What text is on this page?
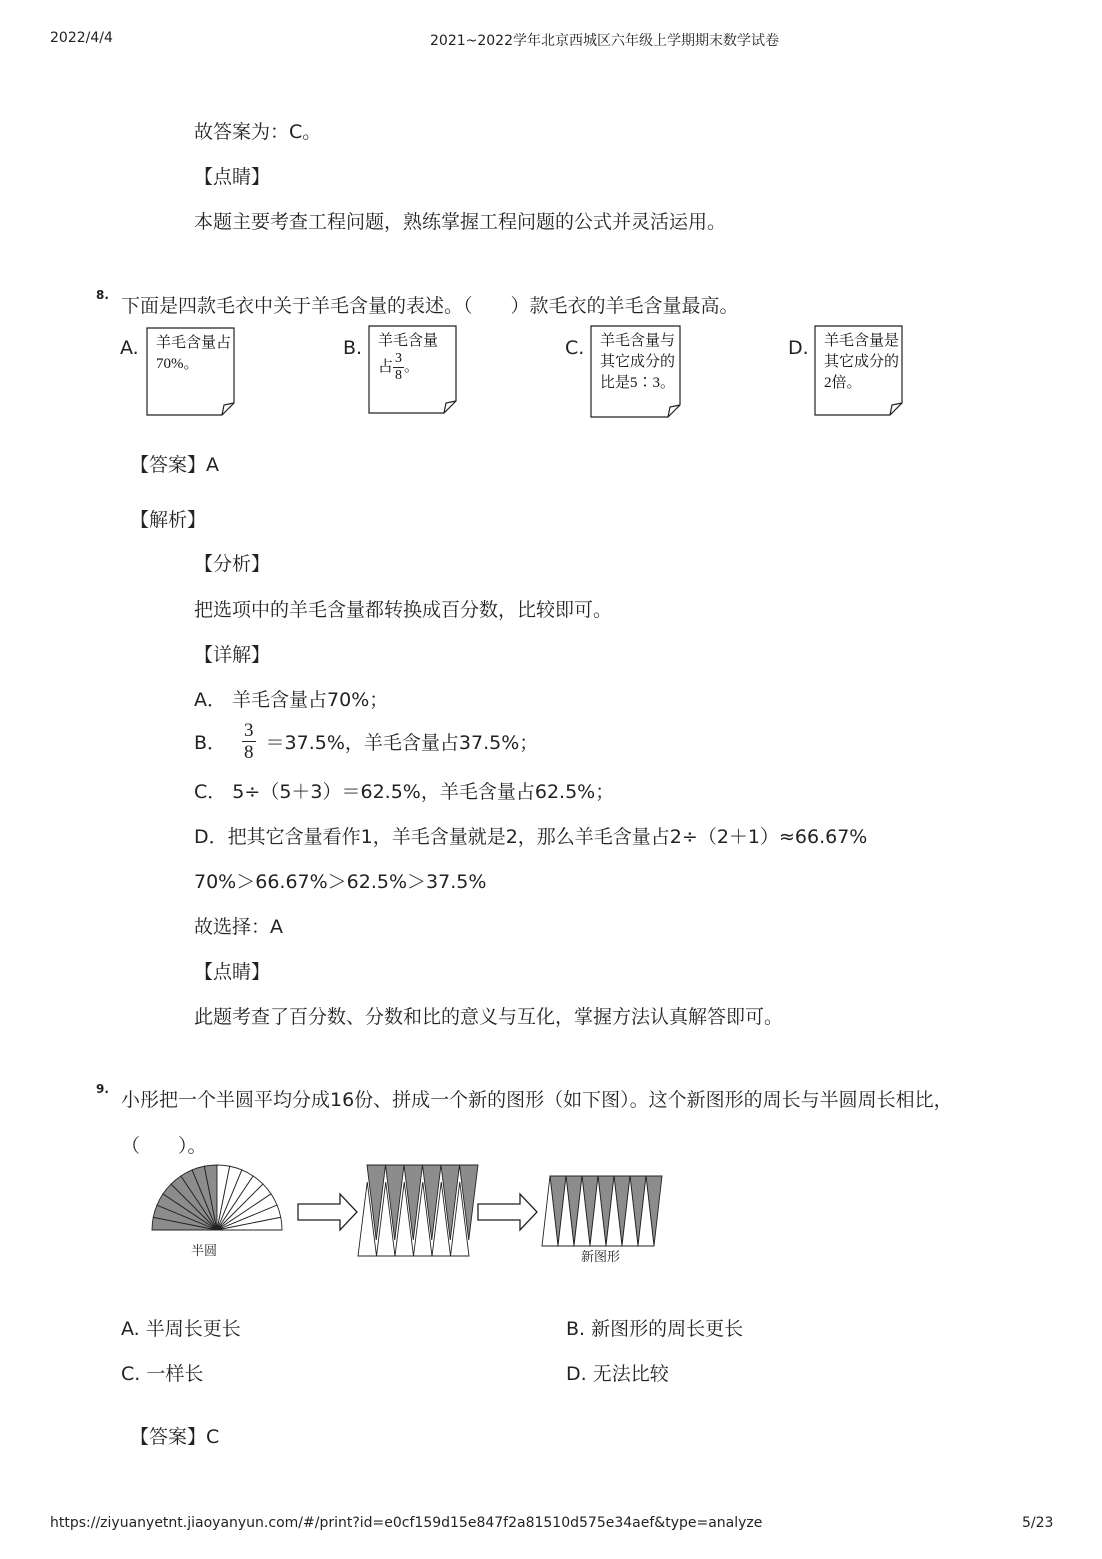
2022/4/4	2021~2022学年北京西城区六年级上学期期末数学试卷
故答案为：C。
【点睛】
本题主要考查工程问题，熟练掌握工程问题的公式并灵活运用。
8. 下面是四款毛衣中关于羊毛含量的表述。（　　）款毛衣的羊毛含量最高。
A. 羊毛含量占70%。
B. 羊毛含量
占 $\frac{3}{8}$ 。
C. 羊毛含量与其它成分的比是5∶3。
D. 羊毛含量是其它成分的2倍。
【答案】A
【解析】
【分析】
把选项中的羊毛含量都转换成百分数，比较即可。
【详解】
A． 羊毛含量占70%；
B． $\frac{3}{8} =37.5\%$，羊毛含量占37.5%；
C． 5÷（5＋3）＝62.5%，羊毛含量占62.5%；
D．把其它含量看作1，羊毛含量就是2，那么羊毛含量占2÷（2＋1）≈66.67%
70%＞66.67%＞62.5%＞37.5%
故选择：A
【点睛】
此题考查了百分数、分数和比的意义与互化，掌握方法认真解答即可。
9. 小彤把一个半圆平均分成16份、拼成一个新的图形（如下图）。这个新图形的周长与半圆周长相比，
（　　）。
半圆	新图形
A. 半周长更长	B. 新图形的周长更长
C. 一样长	D. 无法比较
【答案】C
https://ziyuanyetnt.jiaoyanyun.com/#/print?id=e0cf159d15e847f2a81510d575e34aef&type=analyze	5/23
